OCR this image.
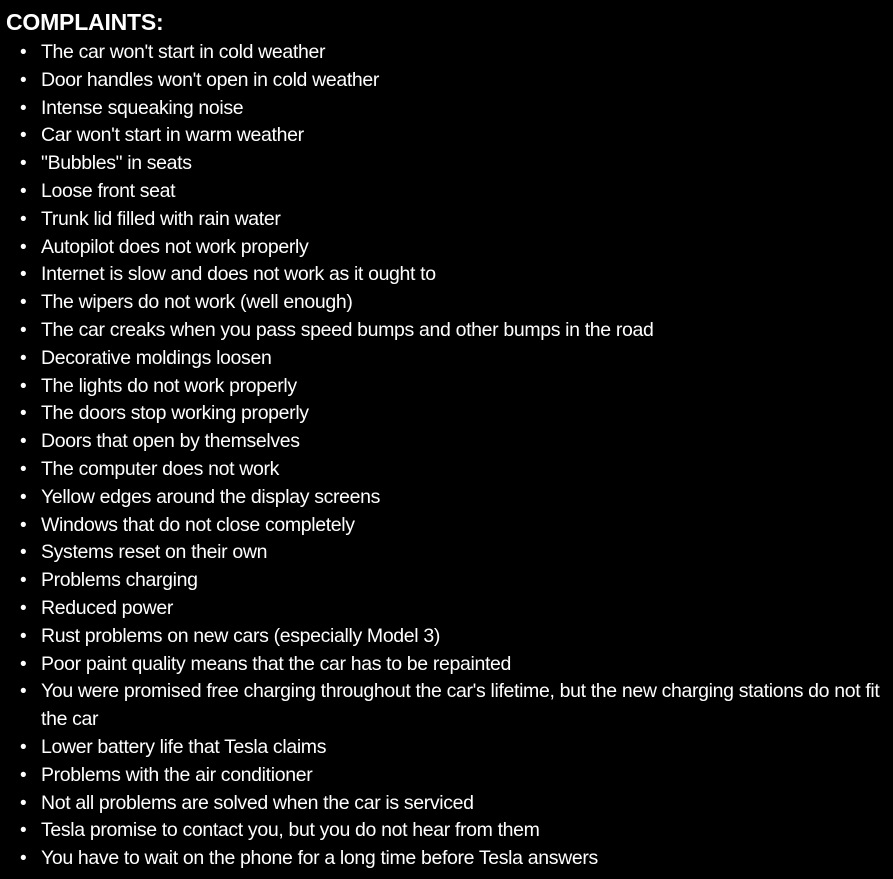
COMPLAINTS:
• The car won't start in cold weather
• Door handles won't open in cold weather
• Intense squeaking noise
• Car won't start in warm weather
• "Bubbles" in seats
• Loose front seat
• Trunk lid filled with rain water
• Autopilot does not work properly
• Internet is slow and does not work as it ought to
• The wipers do not work (well enough)
• The car creaks when you pass speed bumps and other bumps in the road
• Decorative moldings loosen
• The lights do not work properly
• The doors stop working properly
• Doors that open by themselves
• The computer does not work
• Yellow edges around the display screens
• Windows that do not close completely
• Systems reset on their own
• Problems charging
• Reduced power
• Rust problems on new cars (especially Model 3)
• Poor paint quality means that the car has to be repainted
• You were promised free charging throughout the car's lifetime, but the new charging stations do not fit the car
• Lower battery life that Tesla claims
• Problems with the air conditioner
• Not all problems are solved when the car is serviced
• Tesla promise to contact you, but you do not hear from them
• You have to wait on the phone for a long time before Tesla answers
